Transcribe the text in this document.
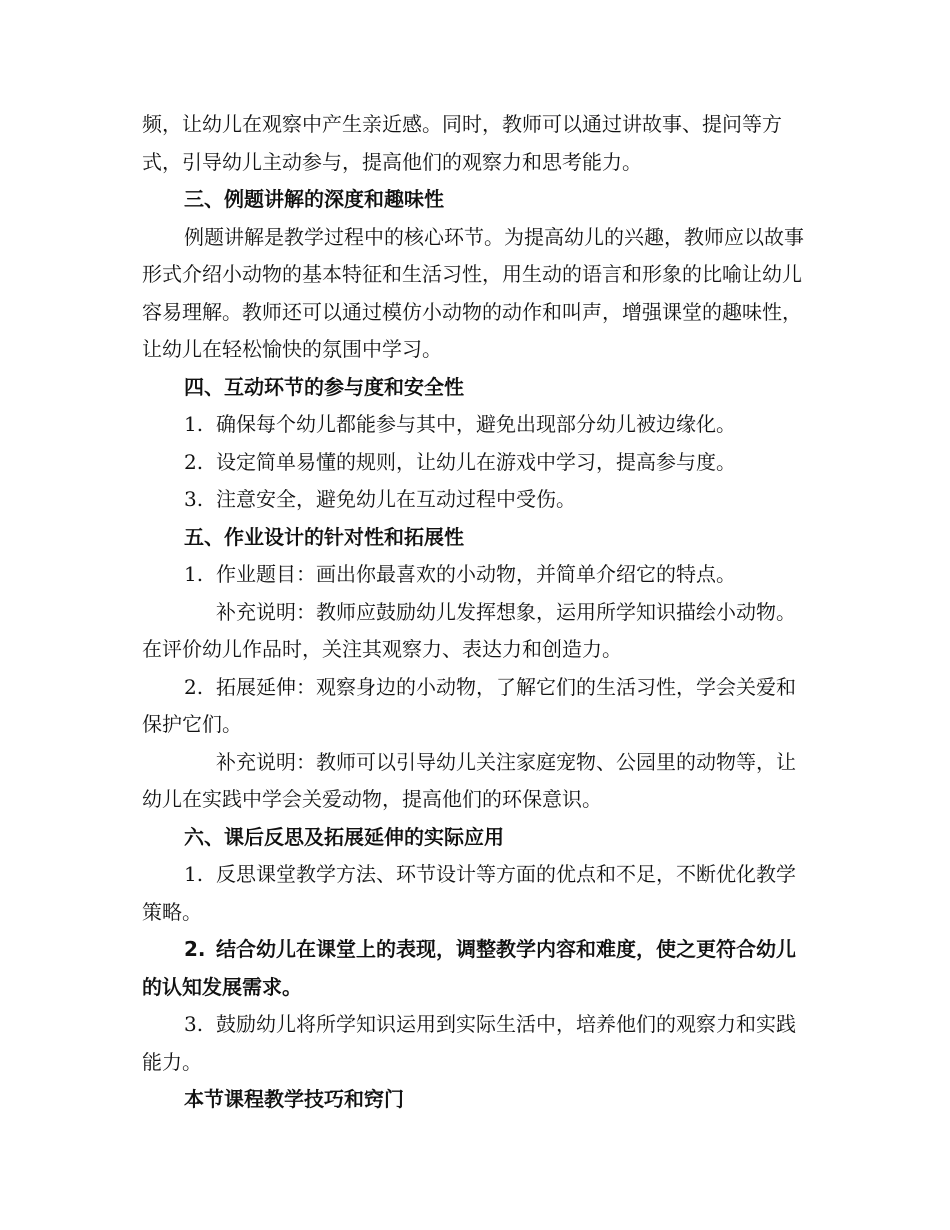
频，让幼儿在观察中产生亲近感。同时，教师可以通过讲故事、提问等方式，引导幼儿主动参与，提高他们的观察力和思考能力。

三、例题讲解的深度和趣味性

例题讲解是教学过程中的核心环节。为提高幼儿的兴趣，教师应以故事形式介绍小动物的基本特征和生活习性，用生动的语言和形象的比喻让幼儿容易理解。教师还可以通过模仿小动物的动作和叫声，增强课堂的趣味性，让幼儿在轻松愉快的氛围中学习。

四、互动环节的参与度和安全性

1. 确保每个幼儿都能参与其中，避免出现部分幼儿被边缘化。

2. 设定简单易懂的规则，让幼儿在游戏中学习，提高参与度。

3. 注意安全，避免幼儿在互动过程中受伤。

五、作业设计的针对性和拓展性

1. 作业题目：画出你最喜欢的小动物，并简单介绍它的特点。

补充说明：教师应鼓励幼儿发挥想象，运用所学知识描绘小动物。在评价幼儿作品时，关注其观察力、表达力和创造力。

2. 拓展延伸：观察身边的小动物，了解它们的生活习性，学会关爱和保护它们。

补充说明：教师可以引导幼儿关注家庭宠物、公园里的动物等，让幼儿在实践中学会关爱动物，提高他们的环保意识。

六、课后反思及拓展延伸的实际应用

1. 反思课堂教学方法、环节设计等方面的优点和不足，不断优化教学策略。

2. 结合幼儿在课堂上的表现，调整教学内容和难度，使之更符合幼儿的认知发展需求。

3. 鼓励幼儿将所学知识运用到实际生活中，培养他们的观察力和实践能力。

本节课程教学技巧和窍门
